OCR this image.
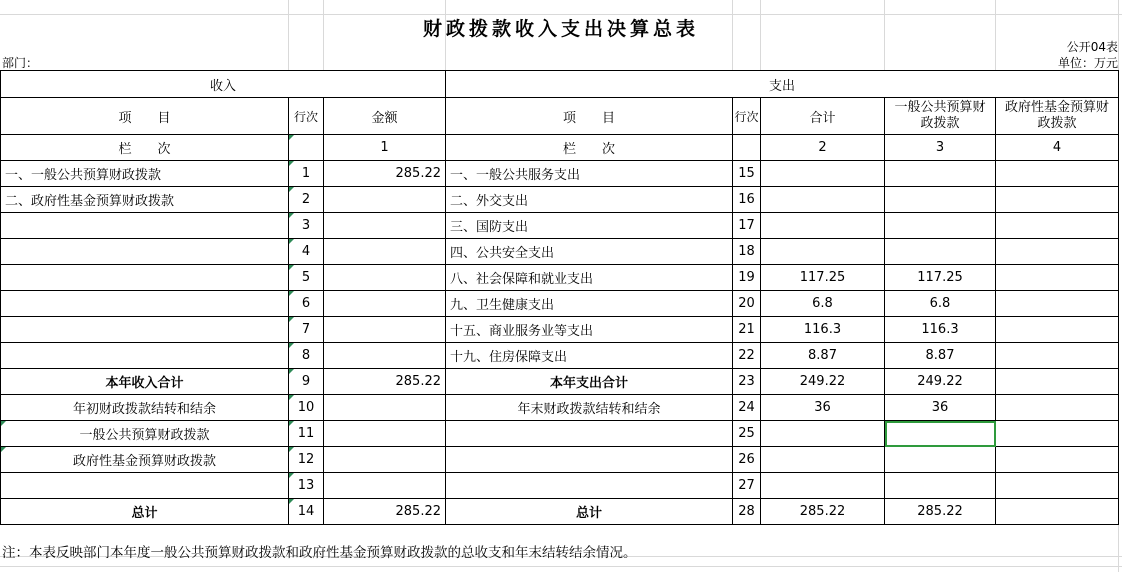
财政拨款收入支出决算总表
公开04表
部门：	单位：万元
收入			支出				
项　　目	行次	金额	项　　目	行次	合计	一般公共预算财政拨款	政府性基金预算财政拨款
栏　　次		1	栏　　次		2	3	4
一、一般公共预算财政拨款	1	285.22	一、一般公共服务支出	15			
二、政府性基金预算财政拨款	2		二、外交支出	16			
	3		三、国防支出	17			
	4		四、公共安全支出	18			
	5		八、社会保障和就业支出	19	117.25	117.25	
	6		九、卫生健康支出	20	6.8	6.8	
	7		十五、商业服务业等支出	21	116.3	116.3	
	8		十九、住房保障支出	22	8.87	8.87	
本年收入合计	9	285.22	本年支出合计	23	249.22	249.22	
年初财政拨款结转和结余	10		年末财政拨款结转和结余	24	36	36	
一般公共预算财政拨款	11			25			
政府性基金预算财政拨款	12			26			
	13			27			
总计	14	285.22	总计	28	285.22	285.22	
注：本表反映部门本年度一般公共预算财政拨款和政府性基金预算财政拨款的总收支和年末结转结余情况。
